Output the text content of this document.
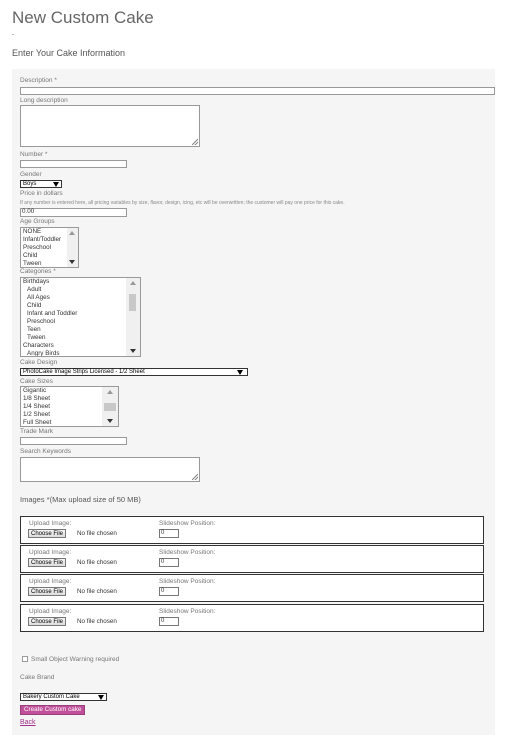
New Custom Cake
Enter Your Cake Information
Description *
Long description
Number *
Gender
Boys
Price in dollars
If any number is entered here, all pricing variables by size, flavor, design, icing, etc will be overwritten; the customer will pay one price for this cake.
0.00
Age Groups
NONE
Infant/Toddler
Preschool
Child
Tween
Categories *
Birthdays
Adult
All Ages
Child
Infant and Toddler
Preschool
Teen
Tween
Characters
Angry Birds
Cake Design
PhotoCake Image Strips Licensed - 1/2 Sheet
Cake Sizes
Gigantic
1/8 Sheet
1/4 Sheet
1/2 Sheet
Full Sheet
Trade Mark
Search Keywords
Images *(Max upload size of 50 MB)
Upload Image:
Choose File	No file chosen
Slideshow Position:
0
Upload Image:
Choose File	No file chosen
Slideshow Position:
0
Upload Image:
Choose File	No file chosen
Slideshow Position:
0
Upload Image:
Choose File	No file chosen
Slideshow Position:
0
Small Object Warning required
Cake Brand
Bakery Custom Cake
Create Custom cake
Back
